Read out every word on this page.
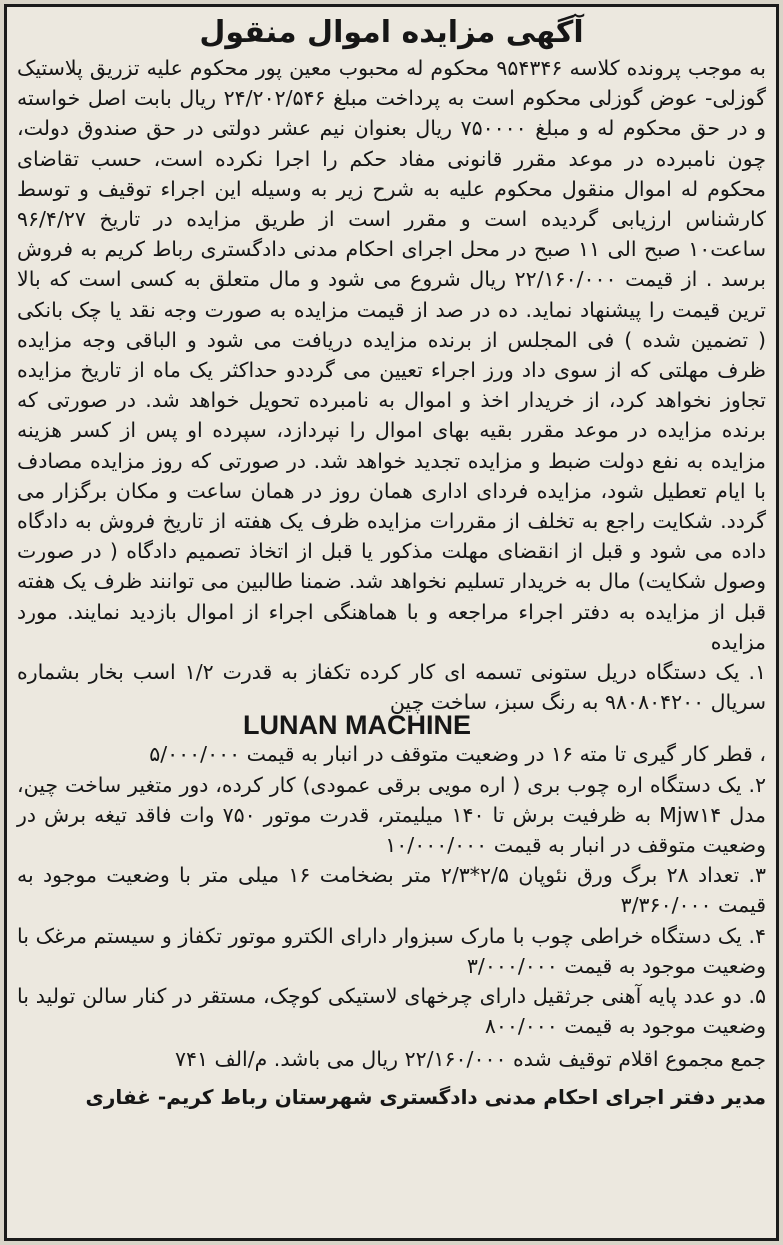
آگهی مزایده اموال منقول
به موجب پرونده کلاسه ۹۵۴۳۴۶ محکوم له محبوب معین پور محکوم علیه تزریق پلاستیک گوزلی- عوض گوزلی محکوم است به پرداخت مبلغ ۲۴/۲۰۲/۵۴۶ ریال بابت اصل خواسته و در حق محکوم له و مبلغ ۷۵۰۰۰۰ ریال بعنوان نیم عشر دولتی در حق صندوق دولت، چون نامبرده در موعد مقرر قانونی مفاد حکم را اجرا نکرده است، حسب تقاضای محکوم له اموال منقول محکوم علیه به شرح زیر به وسیله این اجراء توقیف و توسط کارشناس ارزیابی گردیده است و مقرر است از طریق مزایده در تاریخ ۹۶/۴/۲۷ ساعت۱۰ صبح الی ۱۱ صبح در محل اجرای احکام مدنی دادگستری رباط کریم به فروش برسد . از قیمت ۲۲/۱۶۰/۰۰۰ ریال شروع می شود و مال متعلق به کسی است که بالا ترین قیمت را پیشنهاد نماید. ده در صد از قیمت مزایده به صورت وجه نقد یا چک بانکی ( تضمین شده ) فی المجلس از برنده مزایده دریافت می شود و الباقی وجه مزایده ظرف مهلتی که از سوی داد ورز اجراء تعیین می گرددو حداکثر یک ماه از تاریخ مزایده تجاوز نخواهد کرد، از خریدار اخذ و اموال به نامبرده تحویل خواهد شد. در صورتی که برنده مزایده در موعد مقرر بقیه بهای اموال را نپردازد، سپرده او پس از کسر هزینه مزایده به نفع دولت ضبط و مزایده تجدید خواهد شد. در صورتی که روز مزایده مصادف با ایام تعطیل شود، مزایده فردای اداری همان روز در همان ساعت و مکان برگزار می گردد. شکایت راجع به تخلف از مقررات مزایده ظرف یک هفته از تاریخ فروش به دادگاه داده می شود و قبل از انقضای مهلت مذکور یا قبل از اتخاذ تصمیم دادگاه ( در صورت وصول شکایت) مال به خریدار تسلیم نخواهد شد. ضمنا طالبین می توانند ظرف یک هفته قبل از مزایده به دفتر اجراء مراجعه و با هماهنگی اجراء از اموال بازدید نمایند. مورد مزایده
۱. یک دستگاه دریل ستونی تسمه ای کار کرده تکفاز به قدرت ۱/۲ اسب بخار بشماره سریال ۹۸۰۸۰۴۲۰۰ به رنگ سبز، ساخت چین
LUNAN MACHINE
، قطر کار گیری تا مته ۱۶ در وضعیت متوقف در انبار به قیمت ۵/۰۰۰/۰۰۰
۲. یک دستگاه اره چوب بری ( اره مویی برقی عمودی) کار کرده، دور متغیر ساخت چین، مدل Mjw۱۴ به ظرفیت برش تا ۱۴۰ میلیمتر، قدرت موتور ۷۵۰ وات فاقد تیغه برش در وضعیت متوقف در انبار به قیمت ۱۰/۰۰۰/۰۰۰
۳. تعداد ۲۸ برگ ورق نئوپان ۲/۵*۲/۳ متر بضخامت ۱۶ میلی متر با وضعیت موجود به قیمت ۳/۳۶۰/۰۰۰
۴. یک دستگاه خراطی چوب با مارک سبزوار دارای الکترو موتور تکفاز و سیستم مرغک با وضعیت موجود به قیمت ۳/۰۰۰/۰۰۰
۵. دو عدد پایه آهنی جرثقیل دارای چرخهای لاستیکی کوچک، مستقر در کنار سالن تولید با وضعیت موجود به قیمت ۸۰۰/۰۰۰
جمع مجموع اقلام توقیف شده ۲۲/۱۶۰/۰۰۰ ریال می باشد. م/الف ۷۴۱
مدیر دفتر اجرای احکام مدنی دادگستری شهرستان رباط کریم- غفاری
